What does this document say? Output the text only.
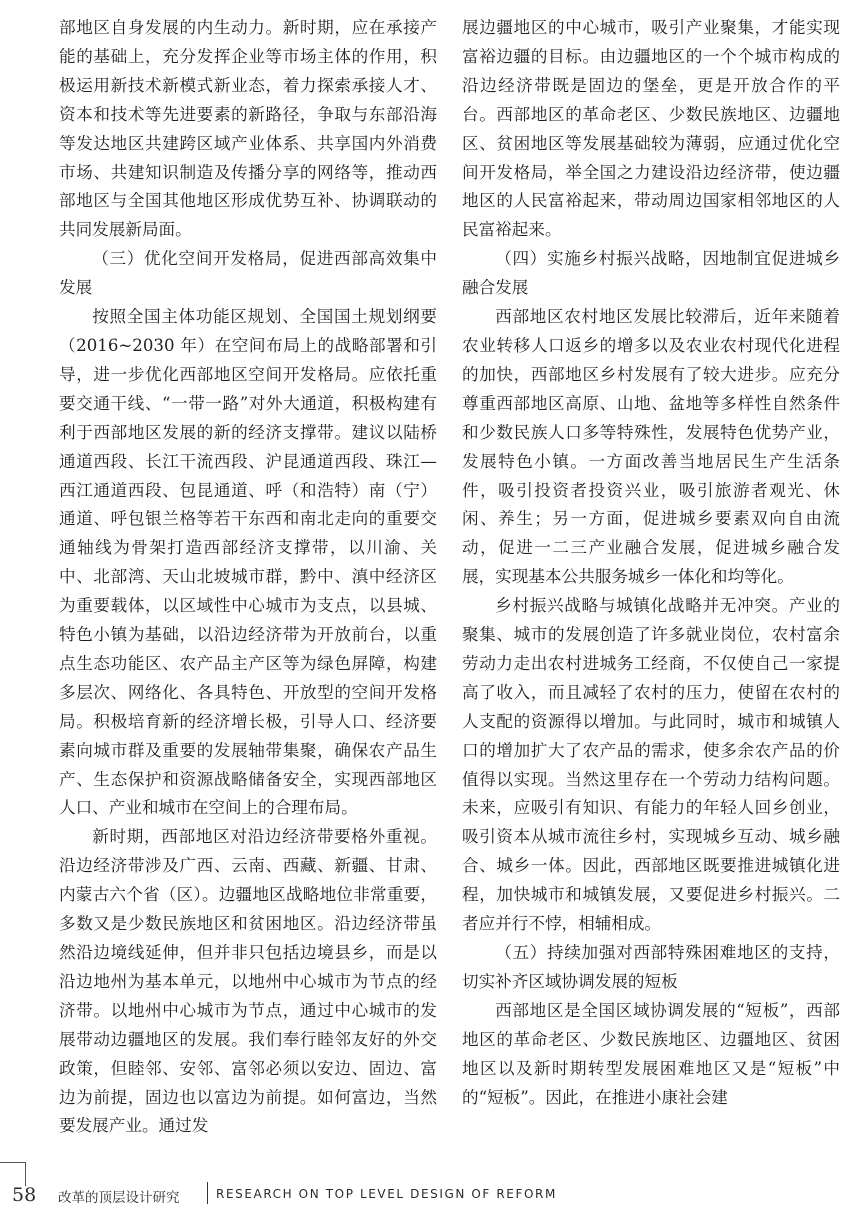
部地区自身发展的内生动力。新时期，应在承接产能的基础上，充分发挥企业等市场主体的作用，积极运用新技术新模式新业态，着力探索承接人才、资本和技术等先进要素的新路径，争取与东部沿海等发达地区共建跨区域产业体系、共享国内外消费市场、共建知识制造及传播分享的网络等，推动西部地区与全国其他地区形成优势互补、协调联动的共同发展新局面。

（三）优化空间开发格局，促进西部高效集中发展

按照全国主体功能区规划、全国国土规划纲要（2016~2030 年）在空间布局上的战略部署和引导，进一步优化西部地区空间开发格局。应依托重要交通干线、“一带一路”对外大通道，积极构建有利于西部地区发展的新的经济支撑带。建议以陆桥通道西段、长江干流西段、沪昆通道西段、珠江—西江通道西段、包昆通道、呼（和浩特）南（宁）通道、呼包银兰格等若干东西和南北走向的重要交通轴线为骨架打造西部经济支撑带，以川渝、关中、北部湾、天山北坡城市群，黔中、滇中经济区为重要载体，以区域性中心城市为支点，以县城、特色小镇为基础，以沿边经济带为开放前台，以重点生态功能区、农产品主产区等为绿色屏障，构建多层次、网络化、各具特色、开放型的空间开发格局。积极培育新的经济增长极，引导人口、经济要素向城市群及重要的发展轴带集聚，确保农产品生产、生态保护和资源战略储备安全，实现西部地区人口、产业和城市在空间上的合理布局。

新时期，西部地区对沿边经济带要格外重视。沿边经济带涉及广西、云南、西藏、新疆、甘肃、内蒙古六个省（区）。边疆地区战略地位非常重要，多数又是少数民族地区和贫困地区。沿边经济带虽然沿边境线延伸，但并非只包括边境县乡，而是以沿边地州为基本单元，以地州中心城市为节点的经济带。以地州中心城市为节点，通过中心城市的发展带动边疆地区的发展。我们奉行睦邻友好的外交政策，但睦邻、安邻、富邻必须以安边、固边、富边为前提，固边也以富边为前提。如何富边，当然要发展产业。通过发

展边疆地区的中心城市，吸引产业聚集，才能实现富裕边疆的目标。由边疆地区的一个个城市构成的沿边经济带既是固边的堡垒，更是开放合作的平台。西部地区的革命老区、少数民族地区、边疆地区、贫困地区等发展基础较为薄弱，应通过优化空间开发格局，举全国之力建设沿边经济带，使边疆地区的人民富裕起来，带动周边国家相邻地区的人民富裕起来。

（四）实施乡村振兴战略，因地制宜促进城乡融合发展

西部地区农村地区发展比较滞后，近年来随着农业转移人口返乡的增多以及农业农村现代化进程的加快，西部地区乡村发展有了较大进步。应充分尊重西部地区高原、山地、盆地等多样性自然条件和少数民族人口多等特殊性，发展特色优势产业，发展特色小镇。一方面改善当地居民生产生活条件，吸引投资者投资兴业，吸引旅游者观光、休闲、养生；另一方面，促进城乡要素双向自由流动，促进一二三产业融合发展，促进城乡融合发展，实现基本公共服务城乡一体化和均等化。

乡村振兴战略与城镇化战略并无冲突。产业的聚集、城市的发展创造了许多就业岗位，农村富余劳动力走出农村进城务工经商，不仅使自己一家提高了收入，而且减轻了农村的压力，使留在农村的人支配的资源得以增加。与此同时，城市和城镇人口的增加扩大了农产品的需求，使多余农产品的价值得以实现。当然这里存在一个劳动力结构问题。未来，应吸引有知识、有能力的年轻人回乡创业，吸引资本从城市流往乡村，实现城乡互动、城乡融合、城乡一体。因此，西部地区既要推进城镇化进程，加快城市和城镇发展，又要促进乡村振兴。二者应并行不悖，相辅相成。

（五）持续加强对西部特殊困难地区的支持，切实补齐区域协调发展的短板

西部地区是全国区域协调发展的“短板”，西部地区的革命老区、少数民族地区、边疆地区、贫困地区以及新时期转型发展困难地区又是“短板”中的“短板”。因此，在推进小康社会建

58 改革的顶层设计研究	RESEARCH ON TOP LEVEL DESIGN OF REFORM
